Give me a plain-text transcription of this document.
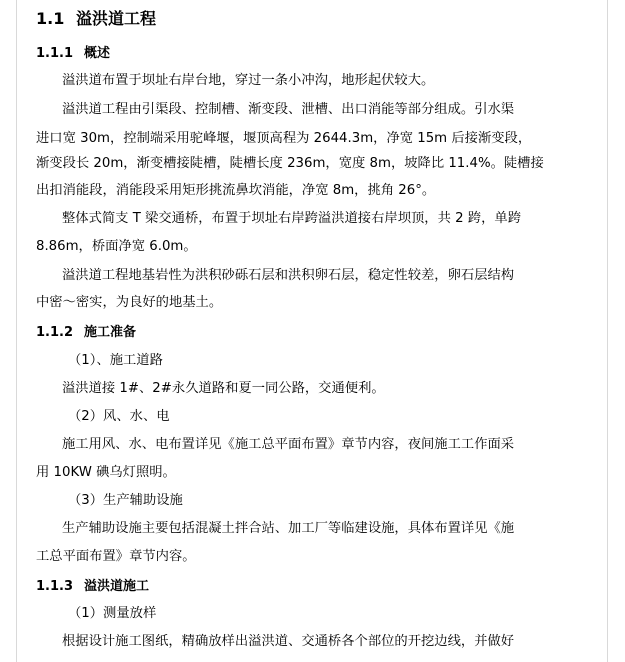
1.1 溢洪道工程
1.1.1 概述
溢洪道布置于坝址右岸台地，穿过一条小冲沟，地形起伏较大。
溢洪道工程由引渠段、控制槽、渐变段、泄槽、出口消能等部分组成。引水渠
进口宽 30m，控制端采用驼峰堰，堰顶高程为 2644.3m，净宽 15m 后接渐变段，
渐变段长 20m，渐变槽接陡槽，陡槽长度 236m，宽度 8m，坡降比 11.4%。陡槽接
出扣消能段，消能段采用矩形挑流鼻坎消能，净宽 8m，挑角 26°。
整体式简支 T 梁交通桥，布置于坝址右岸跨溢洪道接右岸坝顶，共 2 跨，单跨
8.86m，桥面净宽 6.0m。
溢洪道工程地基岩性为洪积砂砾石层和洪积卵石层，稳定性较差，卵石层结构
中密～密实，为良好的地基土。
1.1.2 施工准备
（1）、施工道路
溢洪道接 1#、2#永久道路和夏一同公路，交通便利。
（2）风、水、电
施工用风、水、电布置详见《施工总平面布置》章节内容，夜间施工工作面采
用 10KW 碘乌灯照明。
（3）生产辅助设施
生产辅助设施主要包括混凝土拌合站、加工厂等临建设施，具体布置详见《施
工总平面布置》章节内容。
1.1.3 溢洪道施工
（1）测量放样
根据设计施工图纸，精确放样出溢洪道、交通桥各个部位的开挖边线，并做好
